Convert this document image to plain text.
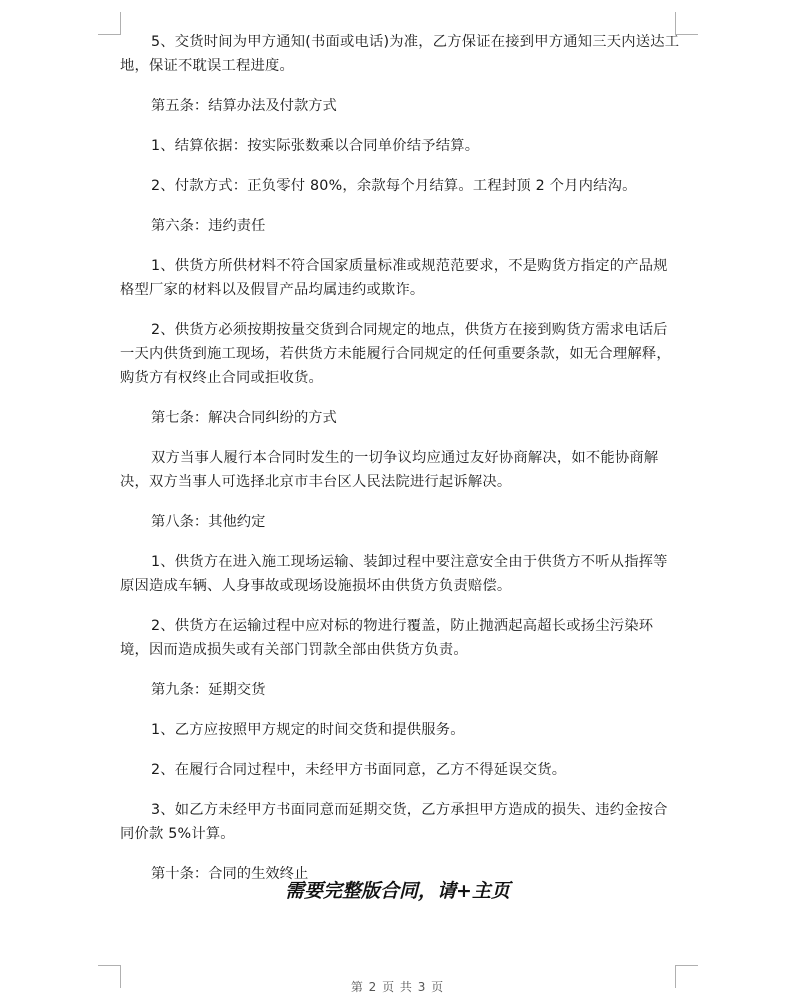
5、交货时间为甲方通知(书面或电话)为准，乙方保证在接到甲方通知三天内送达工地，保证不耽误工程进度。

第五条：结算办法及付款方式

1、结算依据：按实际张数乘以合同单价结予结算。

2、付款方式：正负零付 80%，余款每个月结算。工程封顶 2 个月内结沟。

第六条：违约责任

1、供货方所供材料不符合国家质量标准或规范范要求，不是购货方指定的产品规格型厂家的材料以及假冒产品均属违约或欺诈。

2、供货方必须按期按量交货到合同规定的地点，供货方在接到购货方需求电话后一天内供货到施工现场，若供货方未能履行合同规定的任何重要条款，如无合理解释，购货方有权终止合同或拒收货。

第七条：解决合同纠纷的方式

双方当事人履行本合同时发生的一切争议均应通过友好协商解决，如不能协商解决，双方当事人可选择北京市丰台区人民法院进行起诉解决。

第八条：其他约定

1、供货方在进入施工现场运输、装卸过程中要注意安全由于供货方不听从指挥等原因造成车辆、人身事故或现场设施损坏由供货方负责赔偿。

2、供货方在运输过程中应对标的物进行覆盖，防止抛洒起高超长或扬尘污染环境，因而造成损失或有关部门罚款全部由供货方负责。

第九条：延期交货

1、乙方应按照甲方规定的时间交货和提供服务。

2、在履行合同过程中，未经甲方书面同意，乙方不得延误交货。

3、如乙方未经甲方书面同意而延期交货，乙方承担甲方造成的损失、违约金按合同价款 5%计算。

第十条：合同的生效终止

需要完整版合同，请+主页
第 2 页 共 3 页
